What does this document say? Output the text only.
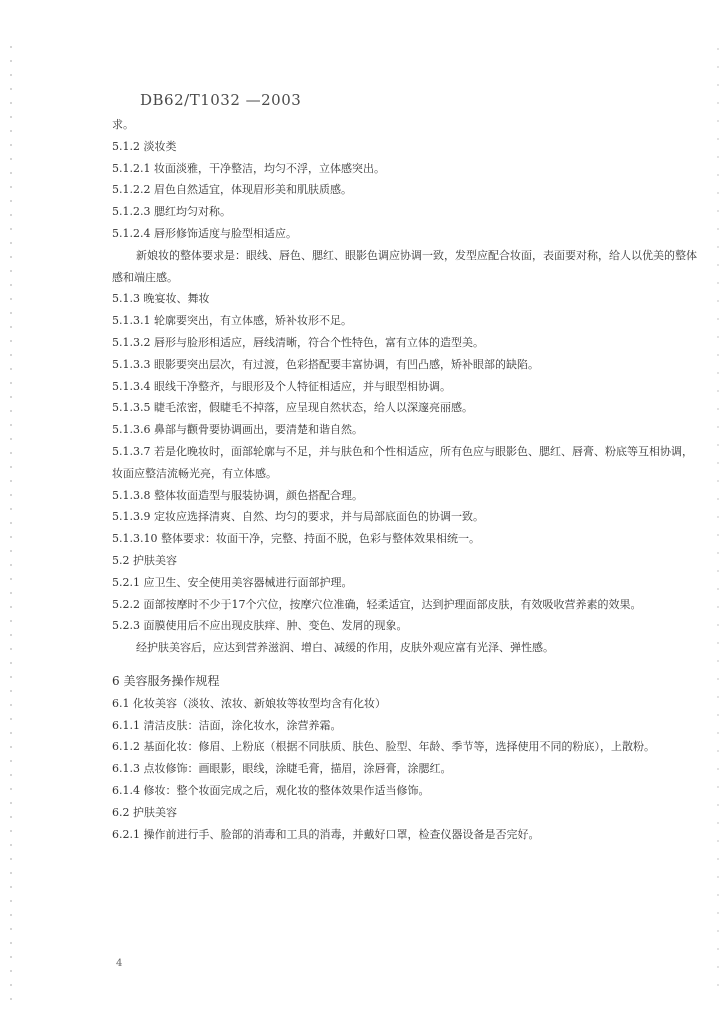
DB62/T1032 —2003
求。
5.1.2 淡妆类
5.1.2.1 妆面淡雅，干净整洁，均匀不浮，立体感突出。
5.1.2.2 眉色自然适宜，体现眉形美和肌肤质感。
5.1.2.3 腮红均匀对称。
5.1.2.4 唇形修饰适度与脸型相适应。
新娘妆的整体要求是：眼线、唇色、腮红、眼影色调应协调一致，发型应配合妆面，表面要对称，给人以优美的整体感和端庄感。
5.1.3 晚宴妆、舞妆
5.1.3.1 轮廓要突出，有立体感，矫补妆形不足。
5.1.3.2 唇形与脸形相适应，唇线清晰，符合个性特色，富有立体的造型美。
5.1.3.3 眼影要突出层次，有过渡，色彩搭配要丰富协调，有凹凸感，矫补眼部的缺陷。
5.1.3.4 眼线干净整齐，与眼形及个人特征相适应，并与眼型相协调。
5.1.3.5 睫毛浓密，假睫毛不掉落，应呈现自然状态，给人以深邃亮丽感。
5.1.3.6 鼻部与颧骨要协调画出，要清楚和谐自然。
5.1.3.7 若是化晚妆时，面部轮廓与不足，并与肤色和个性相适应，所有色应与眼影色、腮红、唇膏、粉底等互相协调，妆面应整洁流畅光亮，有立体感。
5.1.3.8 整体妆面造型与服装协调，颜色搭配合理。
5.1.3.9 定妆应选择清爽、自然、均匀的要求，并与局部底面色的协调一致。
5.1.3.10 整体要求：妆面干净，完整、持面不脱，色彩与整体效果相统一。
5.2 护肤美容
5.2.1 应卫生、安全使用美容器械进行面部护理。
5.2.2 面部按摩时不少于17个穴位，按摩穴位准确，轻柔适宜，达到护理面部皮肤，有效吸收营养素的效果。
5.2.3 面膜使用后不应出现皮肤痒、肿、变色、发屑的现象。
经护肤美容后，应达到营养滋润、增白、减缓的作用，皮肤外观应富有光泽、弹性感。
6 美容服务操作规程
6.1 化妆美容（淡妆、浓妆、新娘妆等妆型均含有化妆）
6.1.1 清洁皮肤：洁面，涂化妆水，涂营养霜。
6.1.2 基面化妆：修眉、上粉底（根据不同肤质、肤色、脸型、年龄、季节等，选择使用不同的粉底），上散粉。
6.1.3 点妆修饰：画眼影，眼线，涂睫毛膏，描眉，涂唇膏，涂腮红。
6.1.4 修妆：整个妆面完成之后，观化妆的整体效果作适当修饰。
6.2 护肤美容
6.2.1 操作前进行手、脸部的消毒和工具的消毒，并戴好口罩，检查仪器设备是否完好。
4
